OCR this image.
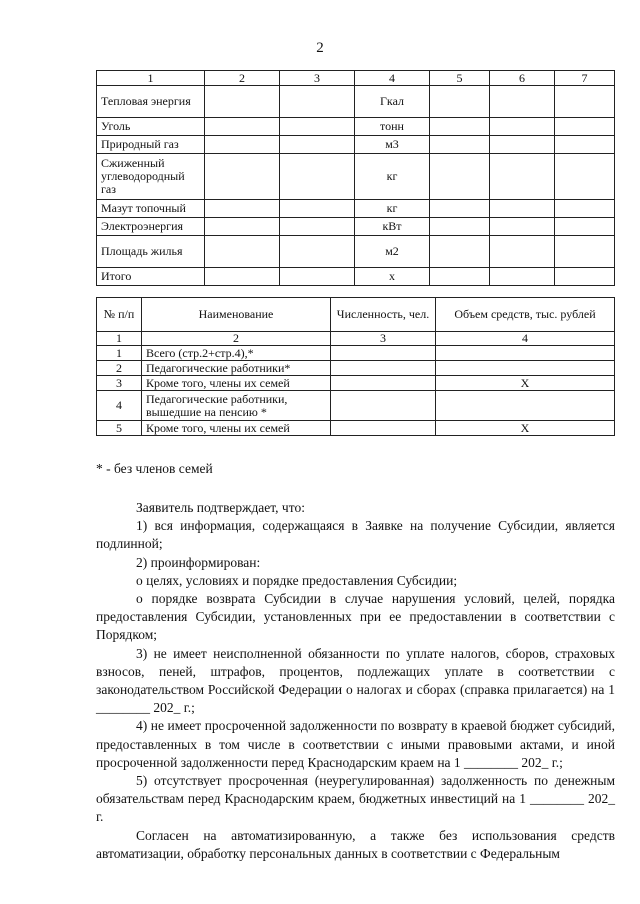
2
1	2	3	4	5	6	7
Тепловая энергия			Гкал			
Уголь			тонн			
Природный газ			м3			
Сжиженный углеводородный газ			кг			
Мазут топочный			кг			
Электроэнергия			кВт			
Площадь жилья			м2			
Итого			х			
№ п/п	Наименование	Численность, чел.	Объем средств, тыс. рублей
1	2	3	4
1	Всего (стр.2+стр.4),*		
2	Педагогические работники*		
3	Кроме того, члены их семей		Х
4	Педагогические работники, вышедшие на пенсию *		
5	Кроме того, члены их семей		Х
* - без членов семей

Заявитель подтверждает, что:

1) вся информация, содержащаяся в Заявке на получение Субсидии, является подлинной;

2) проинформирован:

о целях, условиях и порядке предоставления Субсидии;

о порядке возврата Субсидии в случае нарушения условий, целей, порядка предоставления Субсидии, установленных при ее предоставлении в соответствии с Порядком;

3) не имеет неисполненной обязанности по уплате налогов, сборов, страховых взносов, пеней, штрафов, процентов, подлежащих уплате в соответствии с законодательством Российской Федерации о налогах и сборах (справка прилагается) на 1 ________ 202_ г.;

4) не имеет просроченной задолженности по возврату в краевой бюджет субсидий, предоставленных в том числе в соответствии с иными правовыми актами, и иной просроченной задолженности перед Краснодарским краем на 1 ________ 202_ г.;

5) отсутствует просроченная (неурегулированная) задолженность по денежным обязательствам перед Краснодарским краем, бюджетных инвестиций на 1 ________ 202_ г.

Согласен на автоматизированную, а также без использования средств автоматизации, обработку персональных данных в соответствии с Федеральным
